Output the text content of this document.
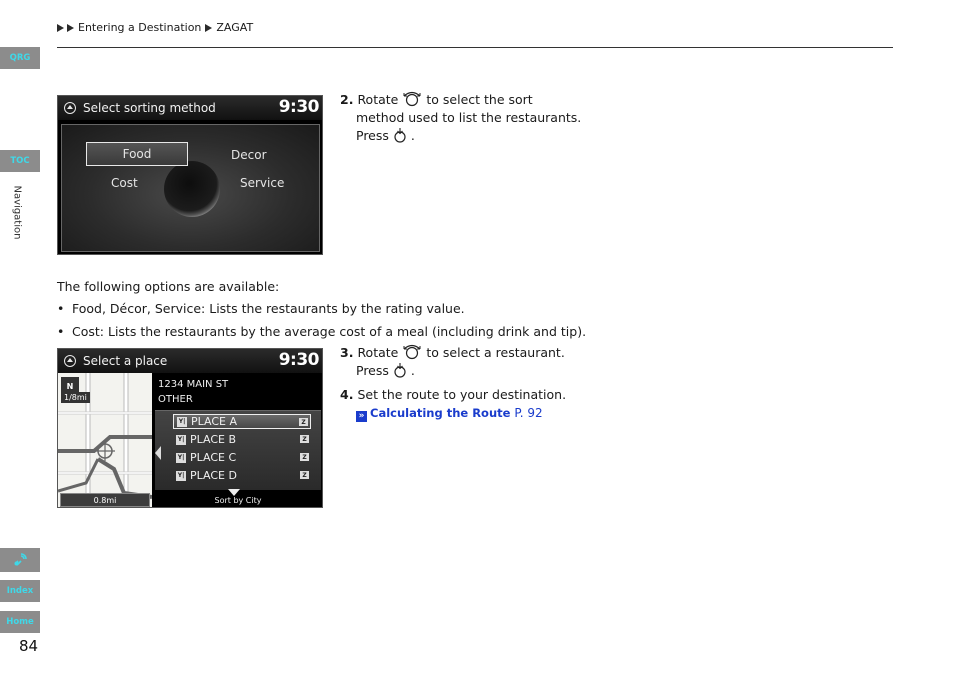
QRG
TOC
Navigation
Index
Home
84
Entering a Destination ZAGAT
Select sorting method	9:30
Food	Decor
Cost	Service
2. Rotate to select the sort
method used to list the restaurants.
Press .
The following options are available:
• Food, Décor, Service: Lists the restaurants by the rating value.
• Cost: Lists the restaurants by the average cost of a meal (including drink and tip).
Select a place	9:30
N
1/8mi
0.8mi
1234 MAIN ST
OTHER
Y| PLACE A	Z
Y| PLACE B	Z
Y| PLACE C	Z
Y| PLACE D	Z
Sort by City
3. Rotate to select a restaurant.
Press .
4. Set the route to your destination.
» Calculating the Route P. 92
